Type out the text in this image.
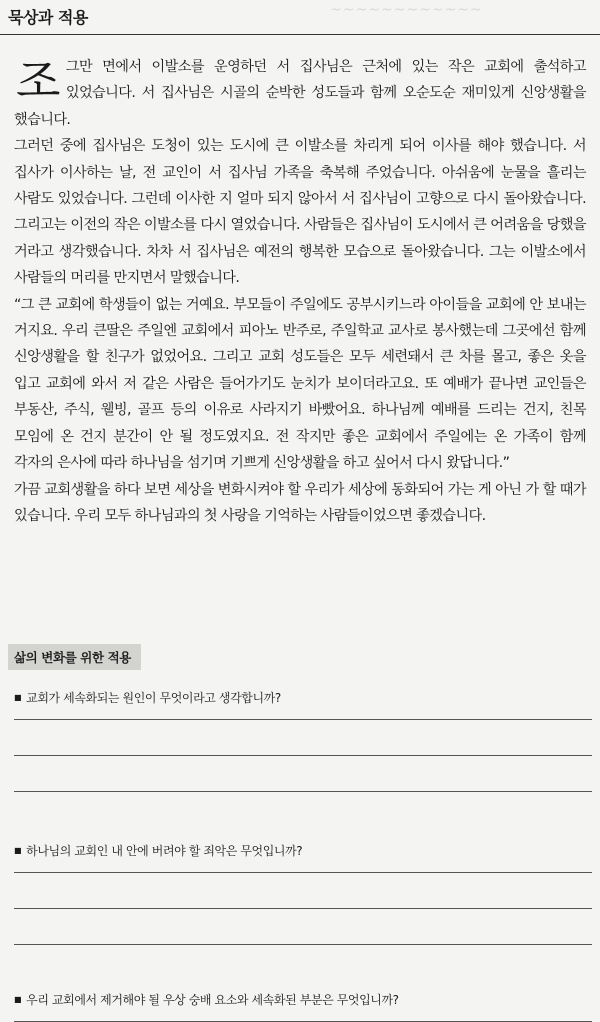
묵상과 적용	~~~~~~~~~~~~

조그만 면에서 이발소를 운영하던 서 집사님은 근처에 있는 작은 교회에 출석하고 있었습니다. 서 집사님은 시골의 순박한 성도들과 함께 오순도순 재미있게 신앙생활을 했습니다.

그러던 중에 집사님은 도청이 있는 도시에 큰 이발소를 차리게 되어 이사를 해야 했습니다. 서 집사가 이사하는 날, 전 교인이 서 집사님 가족을 축복해 주었습니다. 아쉬움에 눈물을 흘리는 사람도 있었습니다. 그런데 이사한 지 얼마 되지 않아서 서 집사님이 고향으로 다시 돌아왔습니다. 그리고는 이전의 작은 이발소를 다시 열었습니다. 사람들은 집사님이 도시에서 큰 어려움을 당했을 거라고 생각했습니다. 차차 서 집사님은 예전의 행복한 모습으로 돌아왔습니다. 그는 이발소에서 사람들의 머리를 만지면서 말했습니다.

“그 큰 교회에 학생들이 없는 거예요. 부모들이 주일에도 공부시키느라 아이들을 교회에 안 보내는 거지요. 우리 큰딸은 주일엔 교회에서 피아노 반주로, 주일학교 교사로 봉사했는데 그곳에선 함께 신앙생활을 할 친구가 없었어요. 그리고 교회 성도들은 모두 세련돼서 큰 차를 몰고, 좋은 옷을 입고 교회에 와서 저 같은 사람은 들어가기도 눈치가 보이더라고요. 또 예배가 끝나면 교인들은 부동산, 주식, 웰빙, 골프 등의 이유로 사라지기 바빴어요. 하나님께 예배를 드리는 건지, 친목 모임에 온 건지 분간이 안 될 정도였지요. 전 작지만 좋은 교회에서 주일에는 온 가족이 함께 각자의 은사에 따라 하나님을 섬기며 기쁘게 신앙생활을 하고 싶어서 다시 왔답니다.”

가끔 교회생활을 하다 보면 세상을 변화시켜야 할 우리가 세상에 동화되어 가는 게 아닌 가 할 때가 있습니다. 우리 모두 하나님과의 첫 사랑을 기억하는 사람들이었으면 좋겠습니다.

삶의 변화를 위한 적용
■ 교회가 세속화되는 원인이 무엇이라고 생각합니까?
■ 하나님의 교회인 내 안에 버려야 할 죄악은 무엇입니까?
■ 우리 교회에서 제거해야 될 우상 숭배 요소와 세속화된 부분은 무엇입니까?
